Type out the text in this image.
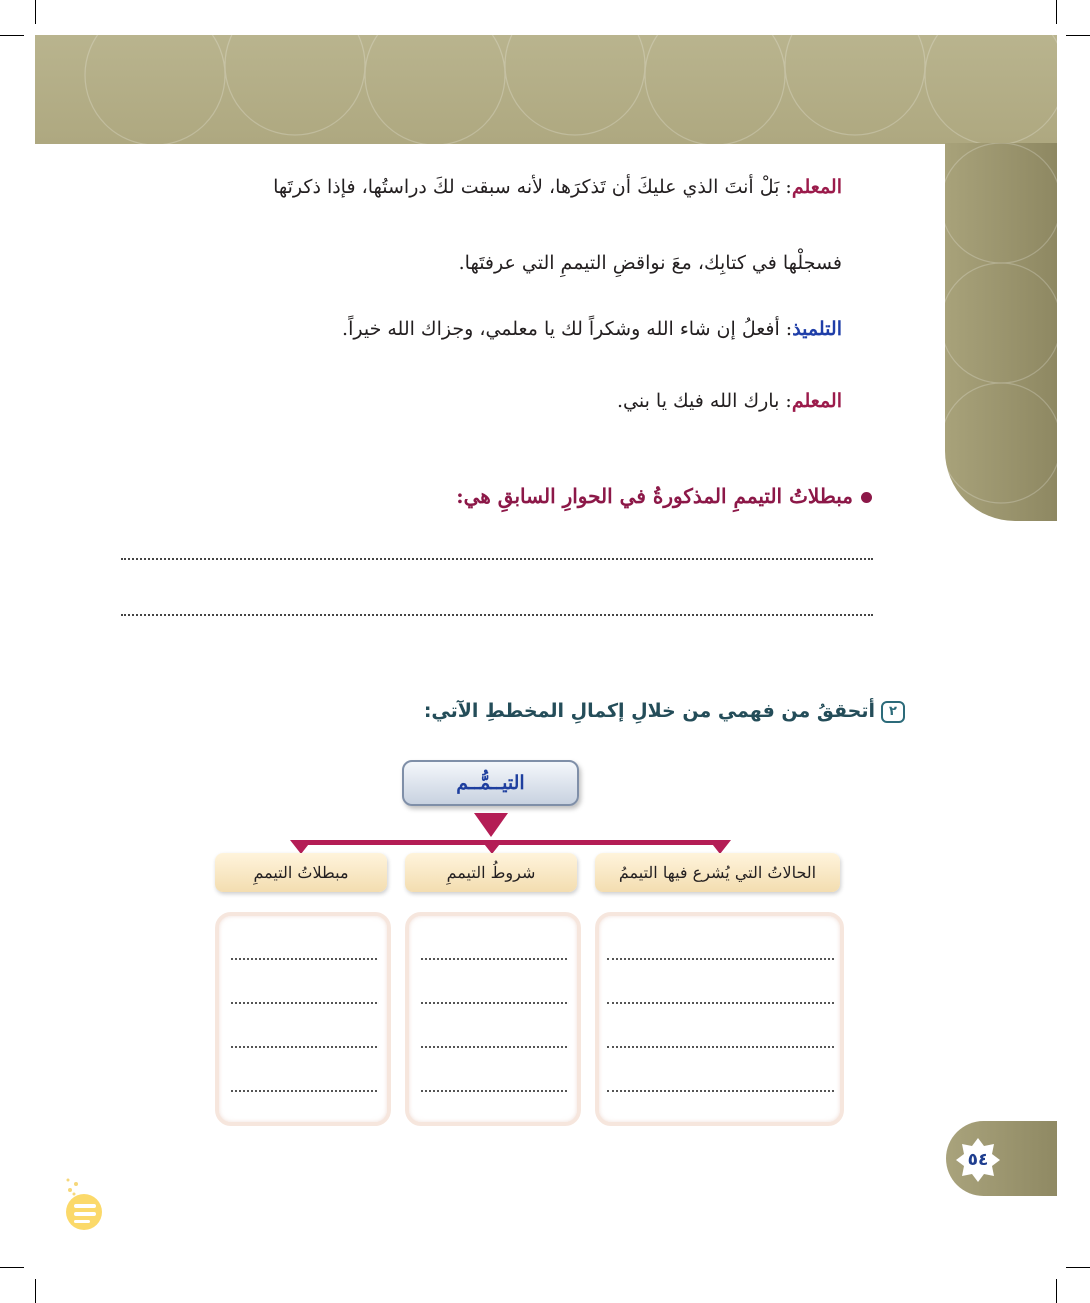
المعلم: بَلْ أنتَ الذي عليكَ أن تَذكرَها، لأنه سبقت لكَ دراستُها، فإذا ذكرتَها
فسجلْها في كتابِك، معَ نواقضِ التيممِ التي عرفتَها.
التلميذ: أفعلُ إن شاء الله وشكراً لك يا معلمي، وجزاك الله خيراً.
المعلم: بارك الله فيك يا بني.
مبطلاتُ التيممِ المذكورةُ في الحوارِ السابقِ هي:
٢أتحققُ من فهمي من خلالِ إكمالِ المخططِ الآتي:
التيــمُّــم
الحالاتُ التي يُشرع فيها التيممُ
شروطُ التيممِ
مبطلاتُ التيممِ
٥٤
